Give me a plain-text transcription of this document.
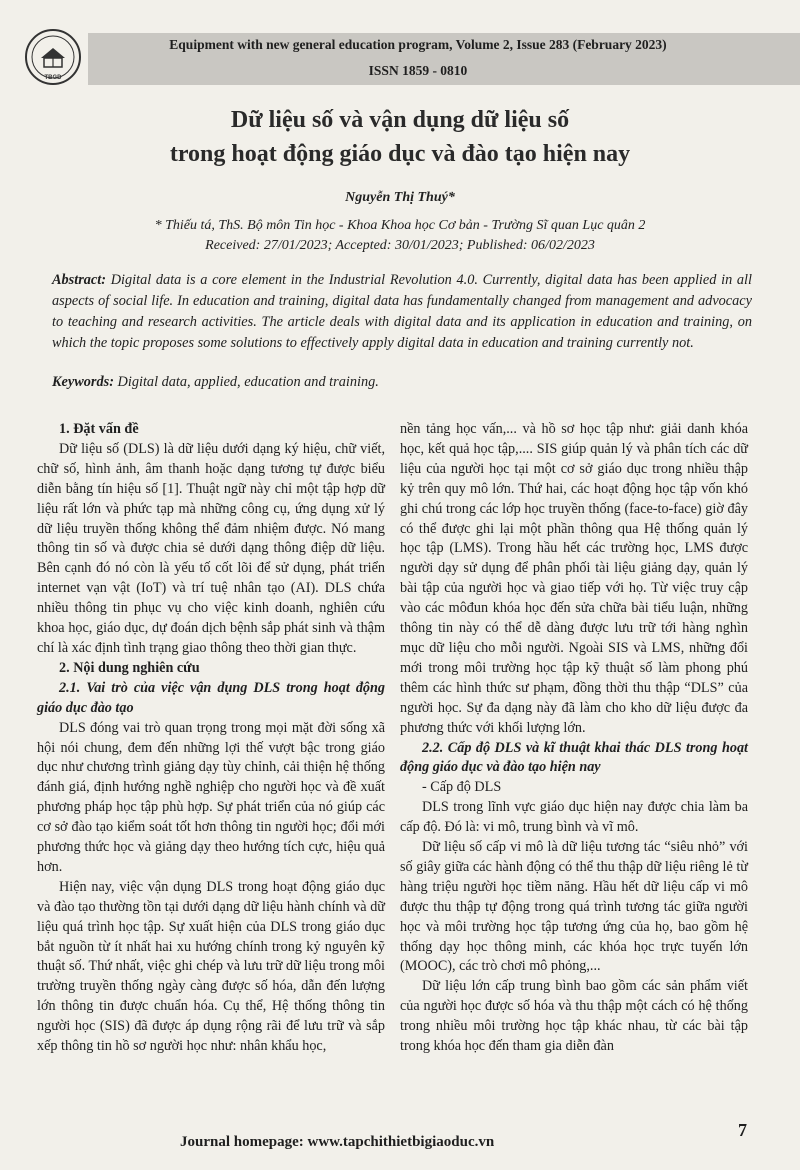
TBGD
Equipment with new general education program, Volume 2, Issue 283 (February 2023)
ISSN 1859 - 0810
Dữ liệu số và vận dụng dữ liệu số
trong hoạt động giáo dục và đào tạo hiện nay
Nguyễn Thị Thuý*
* Thiếu tá, ThS. Bộ môn Tin học - Khoa Khoa học Cơ bản - Trường Sĩ quan Lục quân 2
Received: 27/01/2023; Accepted: 30/01/2023; Published: 06/02/2023
Abstract: Digital data is a core element in the Industrial Revolution 4.0. Currently, digital data has been applied in all aspects of social life. In education and training, digital data has fundamentally changed from management and advocacy to teaching and research activities. The article deals with digital data and its application in education and training, on which the topic proposes some solutions to effectively apply digital data in education and training currently not.
Keywords: Digital data, applied, education and training.

1. Đặt vấn đề

Dữ liệu số (DLS) là dữ liệu dưới dạng ký hiệu, chữ viết, chữ số, hình ảnh, âm thanh hoặc dạng tương tự được biểu diễn bằng tín hiệu số [1]. Thuật ngữ này chỉ một tập hợp dữ liệu rất lớn và phức tạp mà những công cụ, ứng dụng xử lý dữ liệu truyền thống không thể đảm nhiệm được. Nó mang thông tin số và được chia sẻ dưới dạng thông điệp dữ liệu. Bên cạnh đó nó còn là yếu tố cốt lõi để sử dụng, phát triển internet vạn vật (IoT) và trí tuệ nhân tạo (AI). DLS chứa nhiều thông tin phục vụ cho việc kinh doanh, nghiên cứu khoa học, giáo dục, dự đoán dịch bệnh sắp phát sinh và thậm chí là xác định tình trạng giao thông theo thời gian thực.

2. Nội dung nghiên cứu

2.1. Vai trò của việc vận dụng DLS trong hoạt động giáo dục đào tạo

DLS đóng vai trò quan trọng trong mọi mặt đời sống xã hội nói chung, đem đến những lợi thế vượt bậc trong giáo dục như chương trình giảng dạy tùy chỉnh, cải thiện hệ thống đánh giá, định hướng nghề nghiệp cho người học và đề xuất phương pháp học tập phù hợp. Sự phát triển của nó giúp các cơ sở đào tạo kiểm soát tốt hơn thông tin người học; đổi mới phương thức học và giảng dạy theo hướng tích cực, hiệu quả hơn.

Hiện nay, việc vận dụng DLS trong hoạt động giáo dục và đào tạo thường tồn tại dưới dạng dữ liệu hành chính và dữ liệu quá trình học tập. Sự xuất hiện của DLS trong giáo dục bắt nguồn từ ít nhất hai xu hướng chính trong kỷ nguyên kỹ thuật số. Thứ nhất, việc ghi chép và lưu trữ dữ liệu trong môi trường truyền thống ngày càng được số hóa, dẫn đến lượng lớn thông tin được chuẩn hóa. Cụ thể, Hệ thống thông tin người học (SIS) đã được áp dụng rộng rãi để lưu trữ và sắp xếp thông tin hồ sơ người học như: nhân khẩu học,

nền tảng học vấn,... và hồ sơ học tập như: giải danh khóa học, kết quả học tập,.... SIS giúp quản lý và phân tích các dữ liệu của người học tại một cơ sở giáo dục trong nhiều thập kỷ trên quy mô lớn. Thứ hai, các hoạt động học tập vốn khó ghi chú trong các lớp học truyền thống (face-to-face) giờ đây có thể được ghi lại một phần thông qua Hệ thống quản lý học tập (LMS). Trong hầu hết các trường học, LMS được người dạy sử dụng để phân phối tài liệu giảng dạy, quản lý bài tập của người học và giao tiếp với họ. Từ việc truy cập vào các môđun khóa học đến sửa chữa bài tiểu luận, những thông tin này có thể dễ dàng được lưu trữ tới hàng nghìn mục dữ liệu cho mỗi người. Ngoài SIS và LMS, những đổi mới trong môi trường học tập kỹ thuật số làm phong phú thêm các hình thức sư phạm, đồng thời thu thập “DLS” của người học. Sự đa dạng này đã làm cho kho dữ liệu được đa phương thức với khối lượng lớn.

2.2. Cấp độ DLS và kĩ thuật khai thác DLS trong hoạt động giáo dục và đào tạo hiện nay

- Cấp độ DLS

DLS trong lĩnh vực giáo dục hiện nay được chia làm ba cấp độ. Đó là: vi mô, trung bình và vĩ mô.

Dữ liệu số cấp vi mô là dữ liệu tương tác “siêu nhỏ” với số giây giữa các hành động có thể thu thập dữ liệu riêng lẻ từ hàng triệu người học tiềm năng. Hầu hết dữ liệu cấp vi mô được thu thập tự động trong quá trình tương tác giữa người học và môi trường học tập tương ứng của họ, bao gồm hệ thống dạy học thông minh, các khóa học trực tuyến lớn (MOOC), các trò chơi mô phỏng,...

Dữ liệu lớn cấp trung bình bao gồm các sản phẩm viết của người học được số hóa và thu thập một cách có hệ thống trong nhiều môi trường học tập khác nhau, từ các bài tập trong khóa học đến tham gia diễn đàn

Journal homepage: www.tapchithietbigiaoduc.vn
7
